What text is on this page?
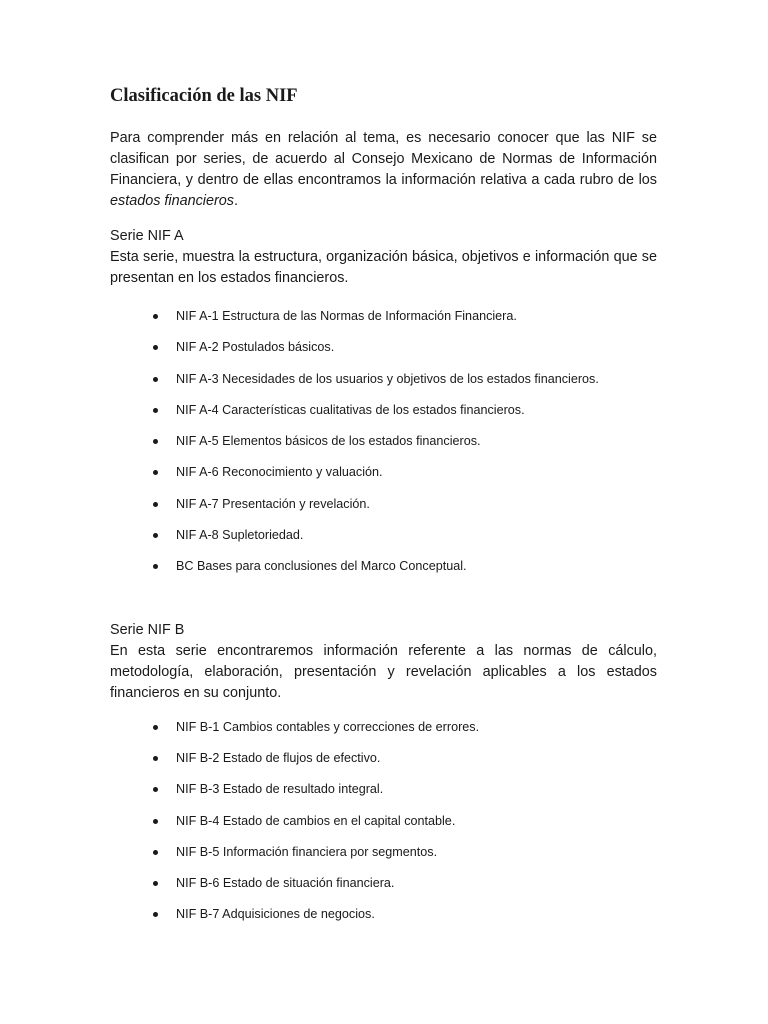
Clasificación de las NIF

Para comprender más en relación al tema, es necesario conocer que las NIF se clasifican por series, de acuerdo al Consejo Mexicano de Normas de Información Financiera, y dentro de ellas encontramos la información relativa a cada rubro de los estados financieros.

Serie NIF A

Esta serie, muestra la estructura, organización básica, objetivos e información que se presentan en los estados financieros.

NIF A-1 Estructura de las Normas de Información Financiera.
NIF A-2 Postulados básicos.
NIF A-3 Necesidades de los usuarios y objetivos de los estados financieros.
NIF A-4 Características cualitativas de los estados financieros.
NIF A-5 Elementos básicos de los estados financieros.
NIF A-6 Reconocimiento y valuación.
NIF A-7 Presentación y revelación.
NIF A-8 Supletoriedad.
BC Bases para conclusiones del Marco Conceptual.
Serie NIF B

En esta serie encontraremos información referente a las normas de cálculo, metodología, elaboración, presentación y revelación aplicables a los estados financieros en su conjunto.

NIF B-1 Cambios contables y correcciones de errores.
NIF B-2 Estado de flujos de efectivo.
NIF B-3 Estado de resultado integral.
NIF B-4 Estado de cambios en el capital contable.
NIF B-5 Información financiera por segmentos.
NIF B-6 Estado de situación financiera.
NIF B-7 Adquisiciones de negocios.
